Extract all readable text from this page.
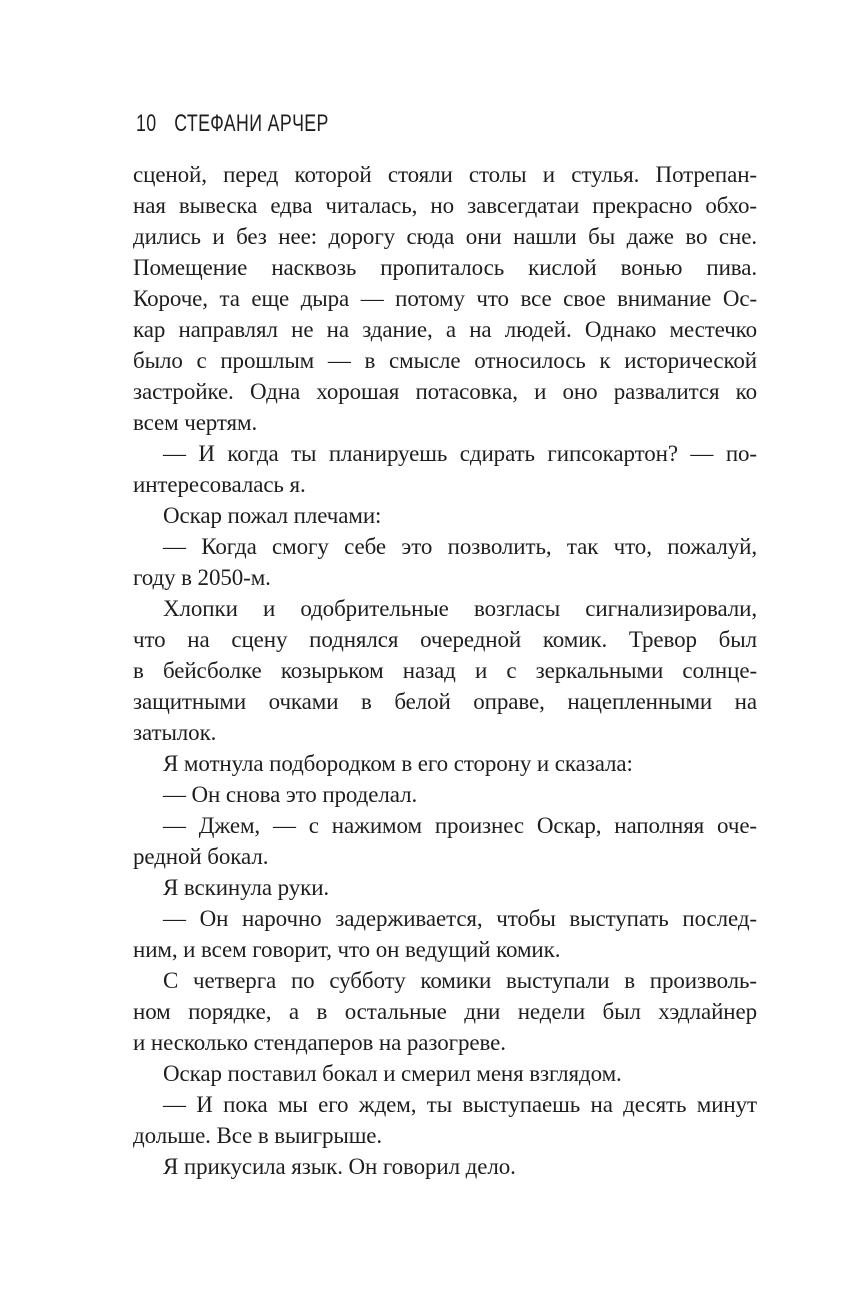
10 СТЕФАНИ АРЧЕР
сценой, перед которой стояли столы и стулья. Потрепан-
ная вывеска едва читалась, но завсегдатаи прекрасно обхо-
дились и без нее: дорогу сюда они нашли бы даже во сне.
Помещение насквозь пропиталось кислой вонью пива.
Короче, та еще дыра — потому что все свое внимание Ос-
кар направлял не на здание, а на людей. Однако местечко
было с прошлым — в смысле относилось к исторической
застройке. Одна хорошая потасовка, и оно развалится ко
всем чертям.
— И когда ты планируешь сдирать гипсокартон? — по-
интересовалась я.
Оскар пожал плечами:
— Когда смогу себе это позволить, так что, пожалуй,
году в 2050-м.
Хлопки и одобрительные возгласы сигнализировали,
что на сцену поднялся очередной комик. Тревор был
в бейсболке козырьком назад и с зеркальными солнце-
защитными очками в белой оправе, нацепленными на
затылок.
Я мотнула подбородком в его сторону и сказала:
— Он снова это проделал.
— Джем, — с нажимом произнес Оскар, наполняя оче-
редной бокал.
Я вскинула руки.
— Он нарочно задерживается, чтобы выступать послед-
ним, и всем говорит, что он ведущий комик.
С четверга по субботу комики выступали в произволь-
ном порядке, а в остальные дни недели был хэдлайнер
и несколько стендаперов на разогреве.
Оскар поставил бокал и смерил меня взглядом.
— И пока мы его ждем, ты выступаешь на десять минут
дольше. Все в выигрыше.
Я прикусила язык. Он говорил дело.
